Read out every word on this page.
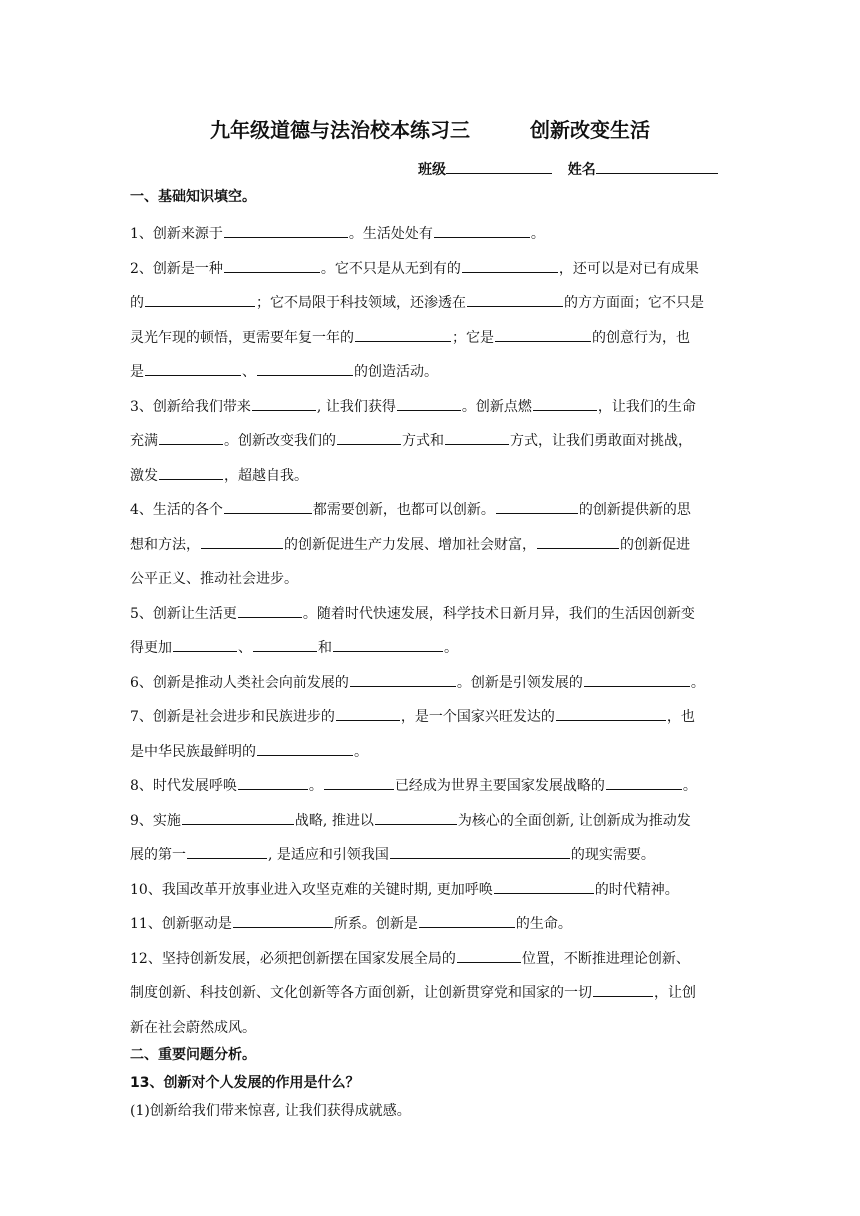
九年级道德与法治校本练习三	创新改变生活
班级	姓名
一、基础知识填空。
1、创新来源于	。生活处处有	。
2、创新是一种	。它不只是从无到有的	，还可以是对已有成果
的	；它不局限于科技领域，还渗透在	的方方面面；它不只是
灵光乍现的顿悟，更需要年复一年的	；它是	的创意行为，也
是	、	的创造活动。
3、创新给我们带来	, 让我们获得	。创新点燃	，让我们的生命
充满	。创新改变我们的	方式和	方式，让我们勇敢面对挑战，
激发	，超越自我。
4、生活的各个	都需要创新，也都可以创新。	的创新提供新的思
想和方法，	的创新促进生产力发展、增加社会财富，	的创新促进
公平正义、推动社会进步。
5、创新让生活更	。随着时代快速发展，科学技术日新月异，我们的生活因创新变
得更加	、	和	。
6、创新是推动人类社会向前发展的	。创新是引领发展的	。
7、创新是社会进步和民族进步的	，是一个国家兴旺发达的	，也
是中华民族最鲜明的	。
8、时代发展呼唤	。	已经成为世界主要国家发展战略的	。
9、实施	战略, 推进以	为核心的全面创新, 让创新成为推动发
展的第一	, 是适应和引领我国	的现实需要。
10、我国改革开放事业进入攻坚克难的关键时期, 更加呼唤	的时代精神。
11、创新驱动是	所系。创新是	的生命。
12、坚持创新发展，必须把创新摆在国家发展全局的	位置，不断推进理论创新、
制度创新、科技创新、文化创新等各方面创新，让创新贯穿党和国家的一切	，让创
新在社会蔚然成风。
二、重要问题分析。
13、创新对个人发展的作用是什么？
(1)创新给我们带来惊喜, 让我们获得成就感。
